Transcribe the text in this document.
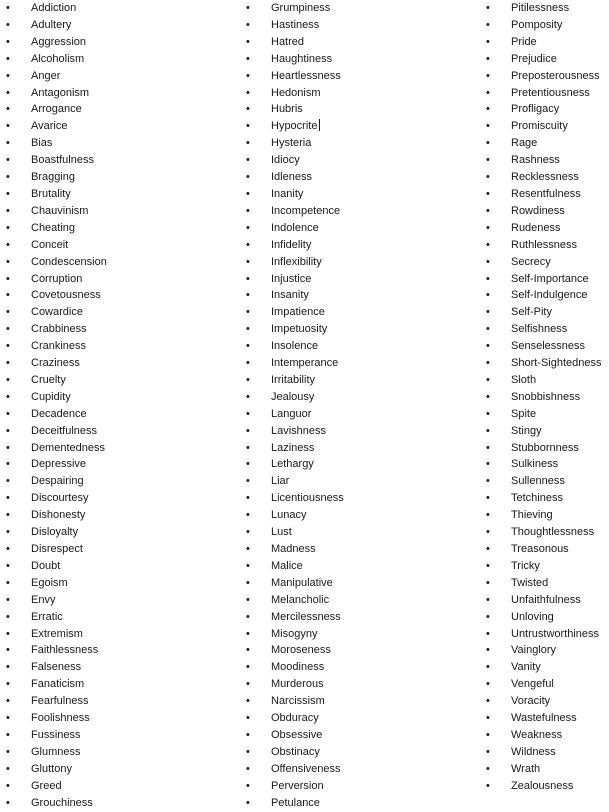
• Addiction
• Adultery
• Aggression
• Alcoholism
• Anger
• Antagonism
• Arrogance
• Avarice
• Bias
• Boastfulness
• Bragging
• Brutality
• Chauvinism
• Cheating
• Conceit
• Condescension
• Corruption
• Covetousness
• Cowardice
• Crabbiness
• Crankiness
• Craziness
• Cruelty
• Cupidity
• Decadence
• Deceitfulness
• Dementedness
• Depressive
• Despairing
• Discourtesy
• Dishonesty
• Disloyalty
• Disrespect
• Doubt
• Egoism
• Envy
• Erratic
• Extremism
• Faithlessness
• Falseness
• Fanaticism
• Fearfulness
• Foolishness
• Fussiness
• Glumness
• Gluttony
• Greed
• Grouchiness
• Grumpiness
• Hastiness
• Hatred
• Haughtiness
• Heartlessness
• Hedonism
• Hubris
• Hypocrite
• Hysteria
• Idiocy
• Idleness
• Inanity
• Incompetence
• Indolence
• Infidelity
• Inflexibility
• Injustice
• Insanity
• Impatience
• Impetuosity
• Insolence
• Intemperance
• Irritability
• Jealousy
• Languor
• Lavishness
• Laziness
• Lethargy
• Liar
• Licentiousness
• Lunacy
• Lust
• Madness
• Malice
• Manipulative
• Melancholic
• Mercilessness
• Misogyny
• Moroseness
• Moodiness
• Murderous
• Narcissism
• Obduracy
• Obsessive
• Obstinacy
• Offensiveness
• Perversion
• Petulance
• Pitilessness
• Pomposity
• Pride
• Prejudice
• Preposterousness
• Pretentiousness
• Profligacy
• Promiscuity
• Rage
• Rashness
• Recklessness
• Resentfulness
• Rowdiness
• Rudeness
• Ruthlessness
• Secrecy
• Self-Importance
• Self-Indulgence
• Self-Pity
• Selfishness
• Senselessness
• Short-Sightedness
• Sloth
• Snobbishness
• Spite
• Stingy
• Stubbornness
• Sulkiness
• Sullenness
• Tetchiness
• Thieving
• Thoughtlessness
• Treasonous
• Tricky
• Twisted
• Unfaithfulness
• Unloving
• Untrustworthiness
• Vainglory
• Vanity
• Vengeful
• Voracity
• Wastefulness
• Weakness
• Wildness
• Wrath
• Zealousness
